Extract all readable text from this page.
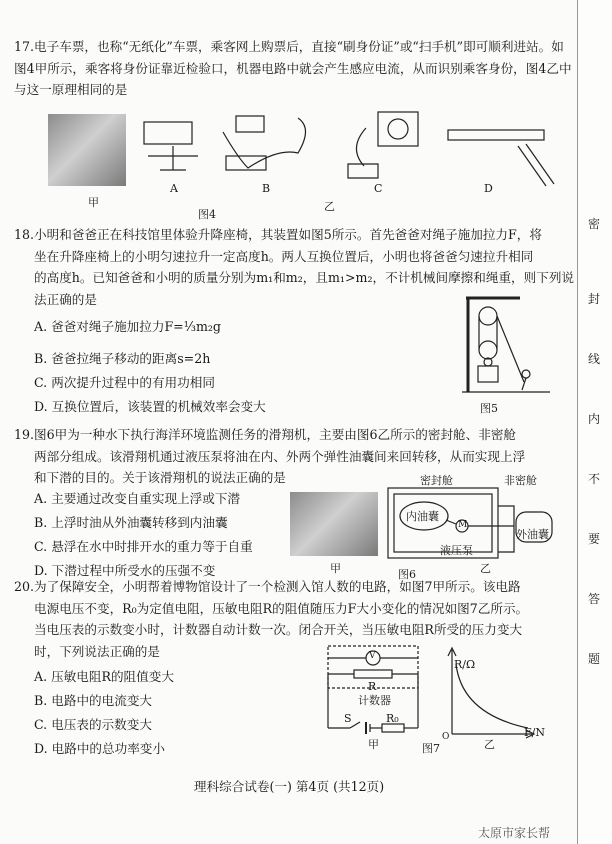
密
封
线
内
不
要
答
题

17.电子车票，也称“无纸化”车票，乘客网上购票后，直接“刷身份证”或“扫手机”即可顺利进站。如图4甲所示，乘客将身份证靠近检验口，机器电路中就会产生感应电流，从而识别乘客身份，图4乙中与这一原理相同的是

甲
A	B	C	D
乙
图4

18.小明和爸爸正在科技馆里体验升降座椅，其装置如图5所示。首先爸爸对绳子施加拉力F，将

坐在升降座椅上的小明匀速拉升一定高度h。两人互换位置后，小明也将爸爸匀速拉升相同

的高度h。已知爸爸和小明的质量分别为m₁和m₂，且m₁>m₂，不计机械间摩擦和绳重，则下列说

法正确的是

A. 爸爸对绳子施加拉力F=⅓m₂g
B. 爸爸拉绳子移动的距离s=2h
C. 两次提升过程中的有用功相同
D. 互换位置后，该装置的机械效率会变大	图5

19.图6甲为一种水下执行海洋环境监测任务的滑翔机，主要由图6乙所示的密封舱、非密舱

两部分组成。该滑翔机通过液压泵将油在内、外两个弹性油囊间来回转移，从而实现上浮

和下潜的目的。关于该滑翔机的说法正确的是

A. 主要通过改变自重实现上浮或下潜
B. 上浮时油从外油囊转移到内油囊
C. 悬浮在水中时排开水的重力等于自重
D. 下潜过程中所受水的压强不变	甲
密封舱	非密舱
内油囊
M
液压泵
外油囊
乙
图6

20.为了保障安全，小明帮着博物馆设计了一个检测入馆人数的电路，如图7甲所示。该电路

电源电压不变，R₀为定值电阻，压敏电阻R的阻值随压力F大小变化的情况如图7乙所示。

当电压表的示数变小时，计数器自动计数一次。闭合开关，当压敏电阻R所受的压力变大

时，下列说法正确的是

A. 压敏电阻R的阻值变大
B. 电路中的电流变大
C. 电压表的示数变大
D. 电路中的总功率变小
V
R
计数器
S	R₀
甲
R/Ω
F/N
O
乙
图7
理科综合试卷(一) 第4页 (共12页)
太原市家长帮
